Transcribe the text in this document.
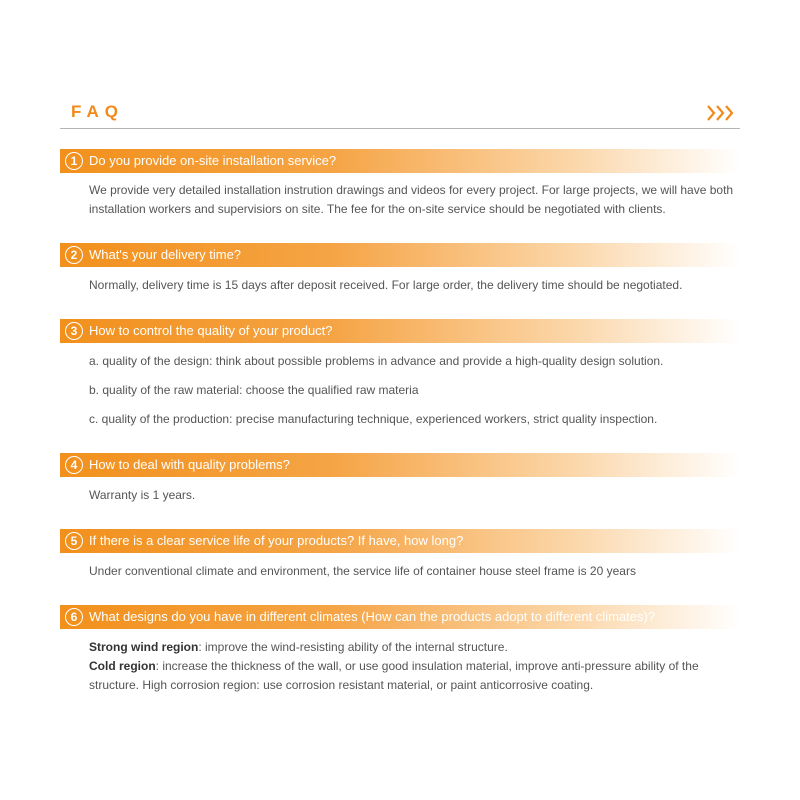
FAQ
1 Do you provide on-site installation service?
We provide very detailed installation instrution drawings and videos for every project. For large projects, we will have both installation workers and supervisiors on site. The fee for the on-site service should be negotiated with clients.
2 What's your delivery time?
Normally, delivery time is 15 days after deposit received. For large order, the delivery time should be negotiated.
3 How to control the quality of your product?
a. quality of the design: think about possible problems in advance and provide a high-quality design solution.
b. quality of the raw material: choose the qualified raw materia
c. quality of the production: precise manufacturing technique, experienced workers, strict quality inspection.
4 How to deal with quality problems?
Warranty is 1 years.
5 If there is a clear service life of your products? If have, how long?
Under conventional climate and environment, the service life of container house steel frame is 20 years
6 What designs do you have in different climates (How can the products adopt to different climates)?
Strong wind region: improve the wind-resisting ability of the internal structure.
Cold region: increase the thickness of the wall, or use good insulation material, improve anti-pressure ability of the structure. High corrosion region: use corrosion resistant material, or paint anticorrosive coating.
